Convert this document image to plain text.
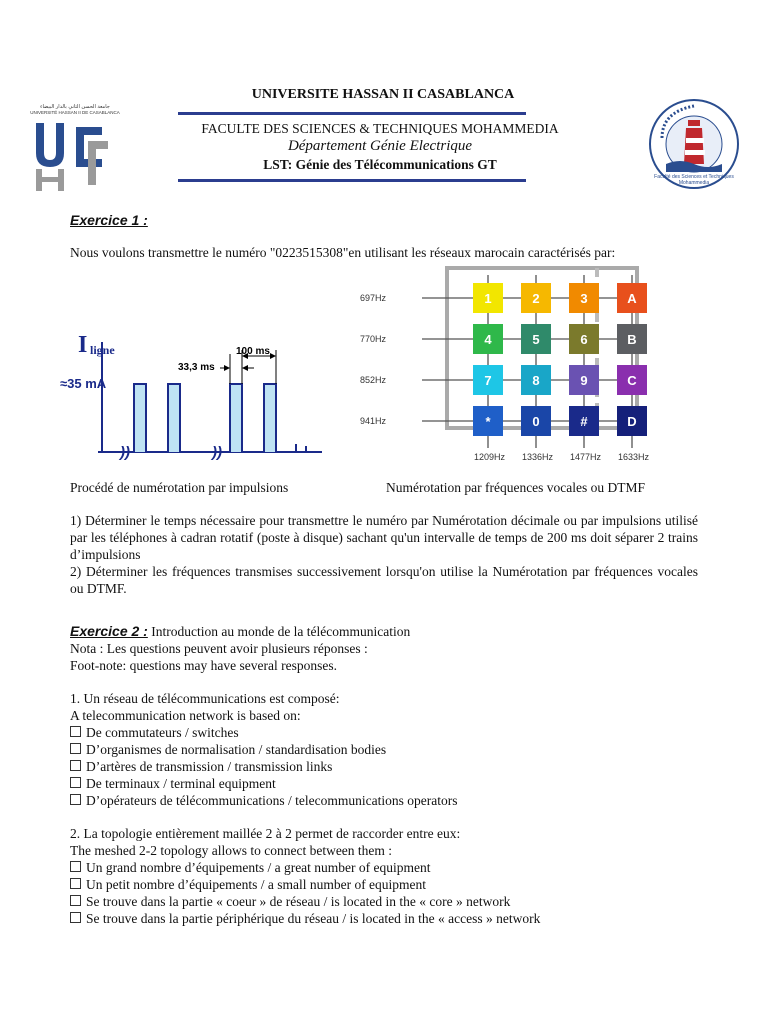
UNIVERSITE HASSAN II CASABLANCA
FACULTE DES SCIENCES & TECHNIQUES MOHAMMEDIA
Département Génie Electrique
LST: Génie des Télécommunications GT
جامعة الحسن الثاني بالدار البيضاء
UNIVERSITÉ HASSAN II DE CASABLANCA
Faculté des Sciences et Techniques Mohammedia
Exercice 1 :
Nous voulons transmettre le numéro "0223515308"en utilisant les réseaux marocain caractérisés par:
I ligne
≈35 mA
))	))
33,3 ms
100 ms
697Hz
770Hz
852Hz
941Hz
1209Hz 1336Hz 1477Hz 1633Hz
1	2	3	A
4	5	6	B
7	8	9	C
*	0	#	D
Procédé de numérotation par impulsions	Numérotation par fréquences vocales ou DTMF
1) Déterminer le temps nécessaire pour transmettre le numéro par Numérotation décimale ou par impulsions utilisé par les téléphones à cadran rotatif (poste à disque) sachant qu'un intervalle de temps de 200 ms doit séparer 2 trains d’impulsions
2) Déterminer les fréquences transmises successivement lorsqu'on utilise la Numérotation par fréquences vocales ou DTMF.
Exercice 2 : Introduction au monde de la télécommunication
Nota : Les questions peuvent avoir plusieurs réponses :
Foot-note: questions may have several responses.
1. Un réseau de télécommunications est composé:
A telecommunication network is based on:
De commutateurs / switches
D’organismes de normalisation / standardisation bodies
D’artères de transmission / transmission links
De terminaux / terminal equipment
D’opérateurs de télécommunications / telecommunications operators
2. La topologie entièrement maillée 2 à 2 permet de raccorder entre eux:
The meshed 2-2 topology allows to connect between them :
Un grand nombre d’équipements / a great number of equipment
Un petit nombre d’équipements / a small number of equipment
Se trouve dans la partie « coeur » de réseau / is located in the « core » network
Se trouve dans la partie périphérique du réseau / is located in the « access » network
